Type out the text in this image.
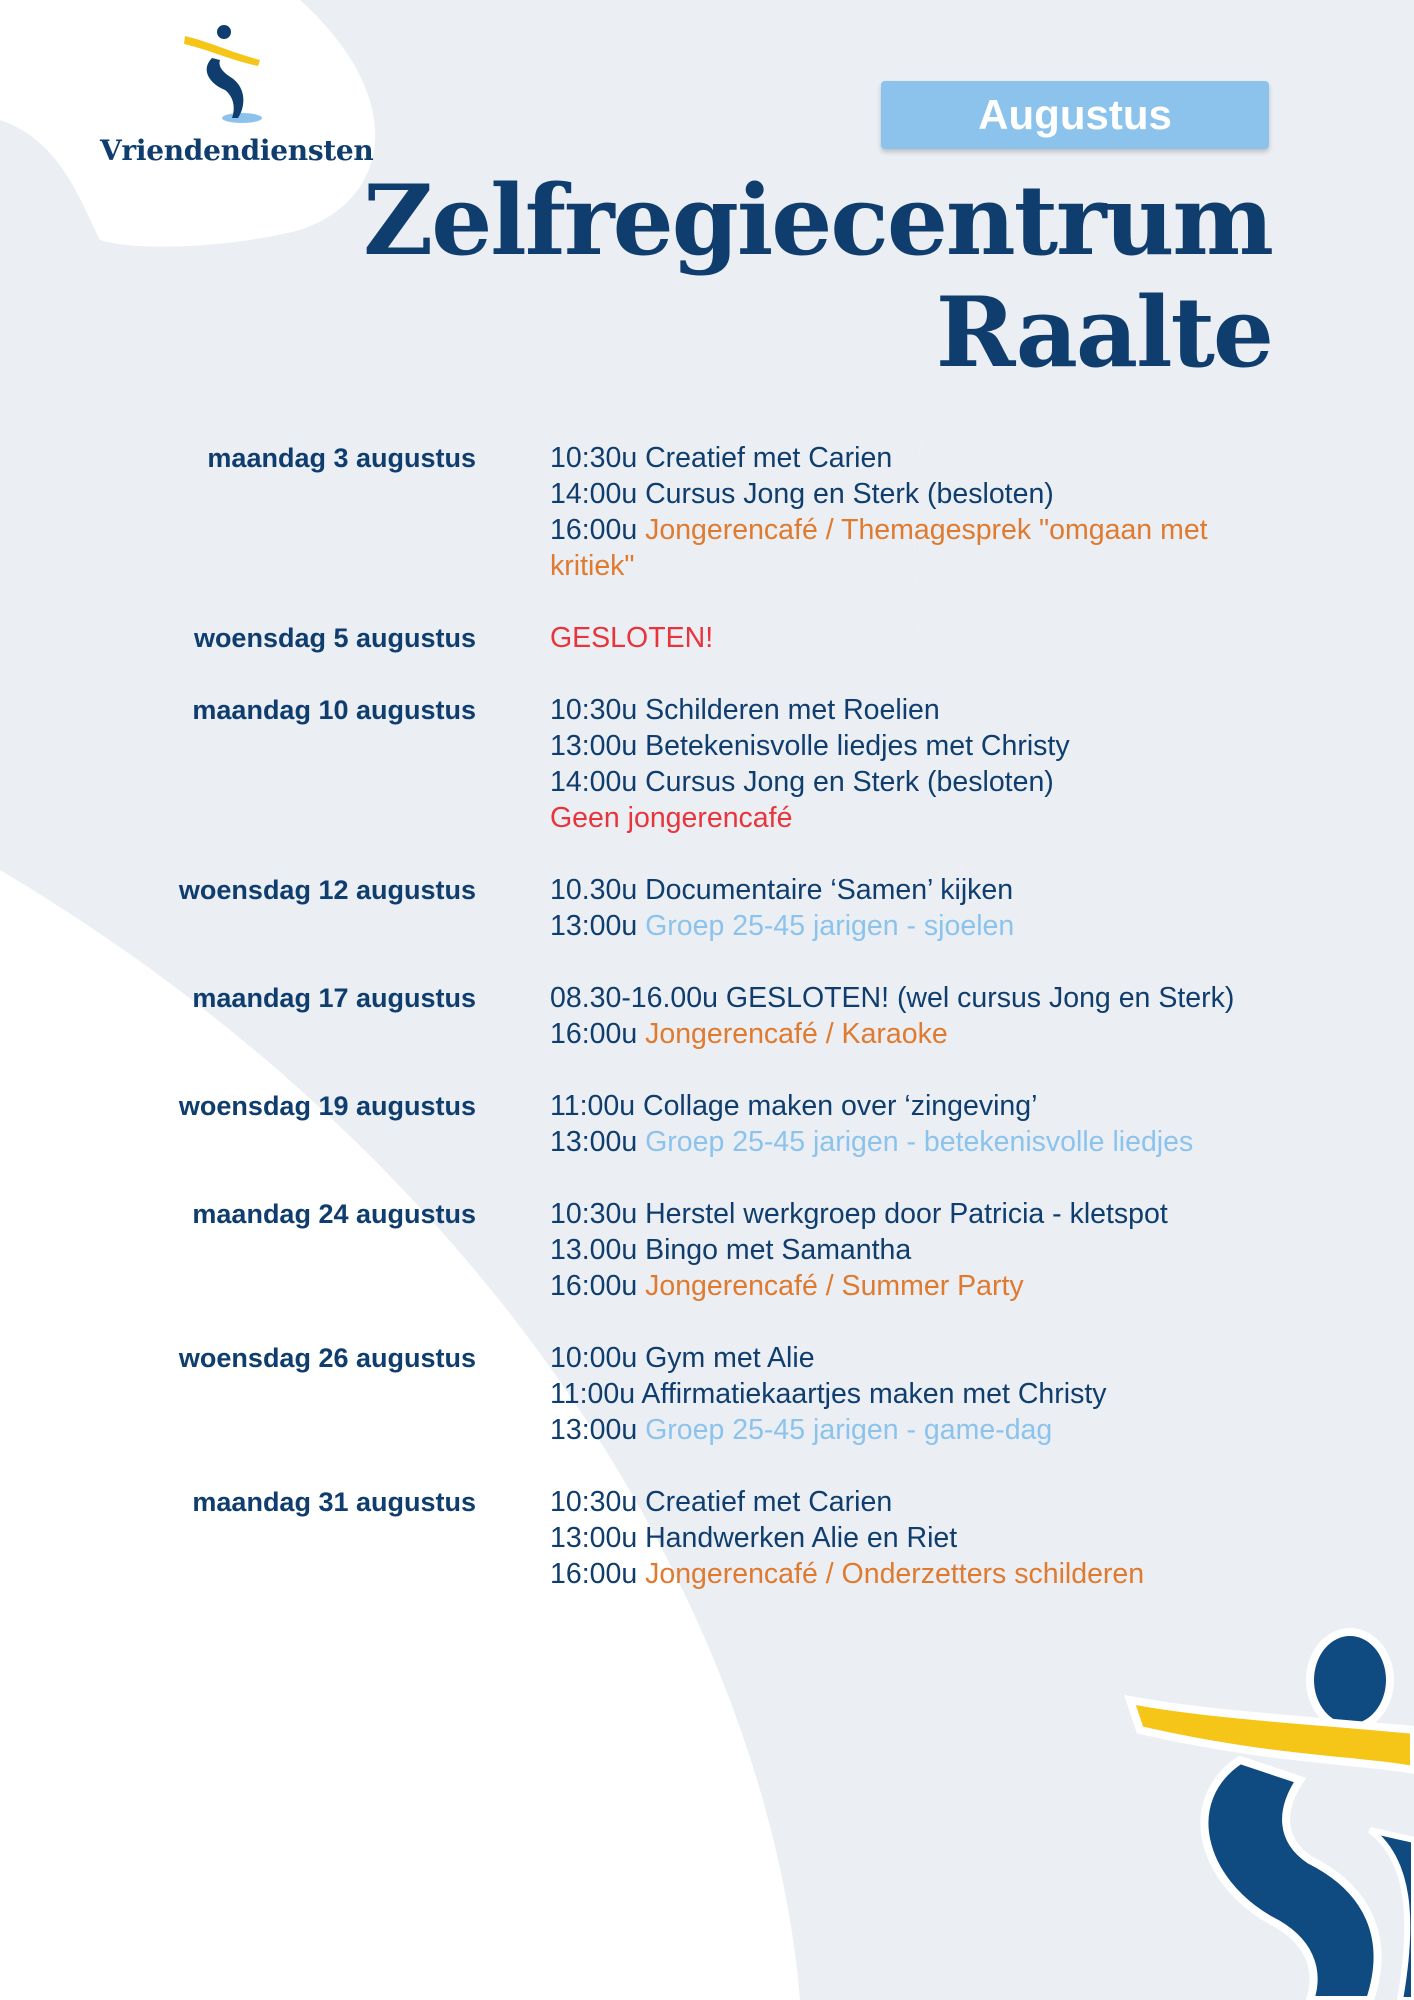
Vriendendiensten
Augustus
Zelfregiecentrum
Raalte
maandag 3 augustus	10:30u Creatief met Carien
14:00u Cursus Jong en Sterk (besloten)
16:00u Jongerencafé / Themagesprek "omgaan met kritiek"
woensdag 5 augustus	GESLOTEN!
maandag 10 augustus	10:30u Schilderen met Roelien
13:00u Betekenisvolle liedjes met Christy
14:00u Cursus Jong en Sterk (besloten)
Geen jongerencafé
woensdag 12 augustus	10.30u Documentaire ‘Samen’ kijken
13:00u Groep 25-45 jarigen - sjoelen
maandag 17 augustus	08.30-16.00u GESLOTEN! (wel cursus Jong en Sterk)
16:00u Jongerencafé / Karaoke
woensdag 19 augustus	11:00u Collage maken over ‘zingeving’
13:00u Groep 25-45 jarigen - betekenisvolle liedjes
maandag 24 augustus	10:30u Herstel werkgroep door Patricia - kletspot
13.00u Bingo met Samantha
16:00u Jongerencafé / Summer Party
woensdag 26 augustus	10:00u Gym met Alie
11:00u Affirmatiekaartjes maken met Christy
13:00u Groep 25-45 jarigen - game-dag
maandag 31 augustus	10:30u Creatief met Carien
13:00u Handwerken Alie en Riet
16:00u Jongerencafé / Onderzetters schilderen
